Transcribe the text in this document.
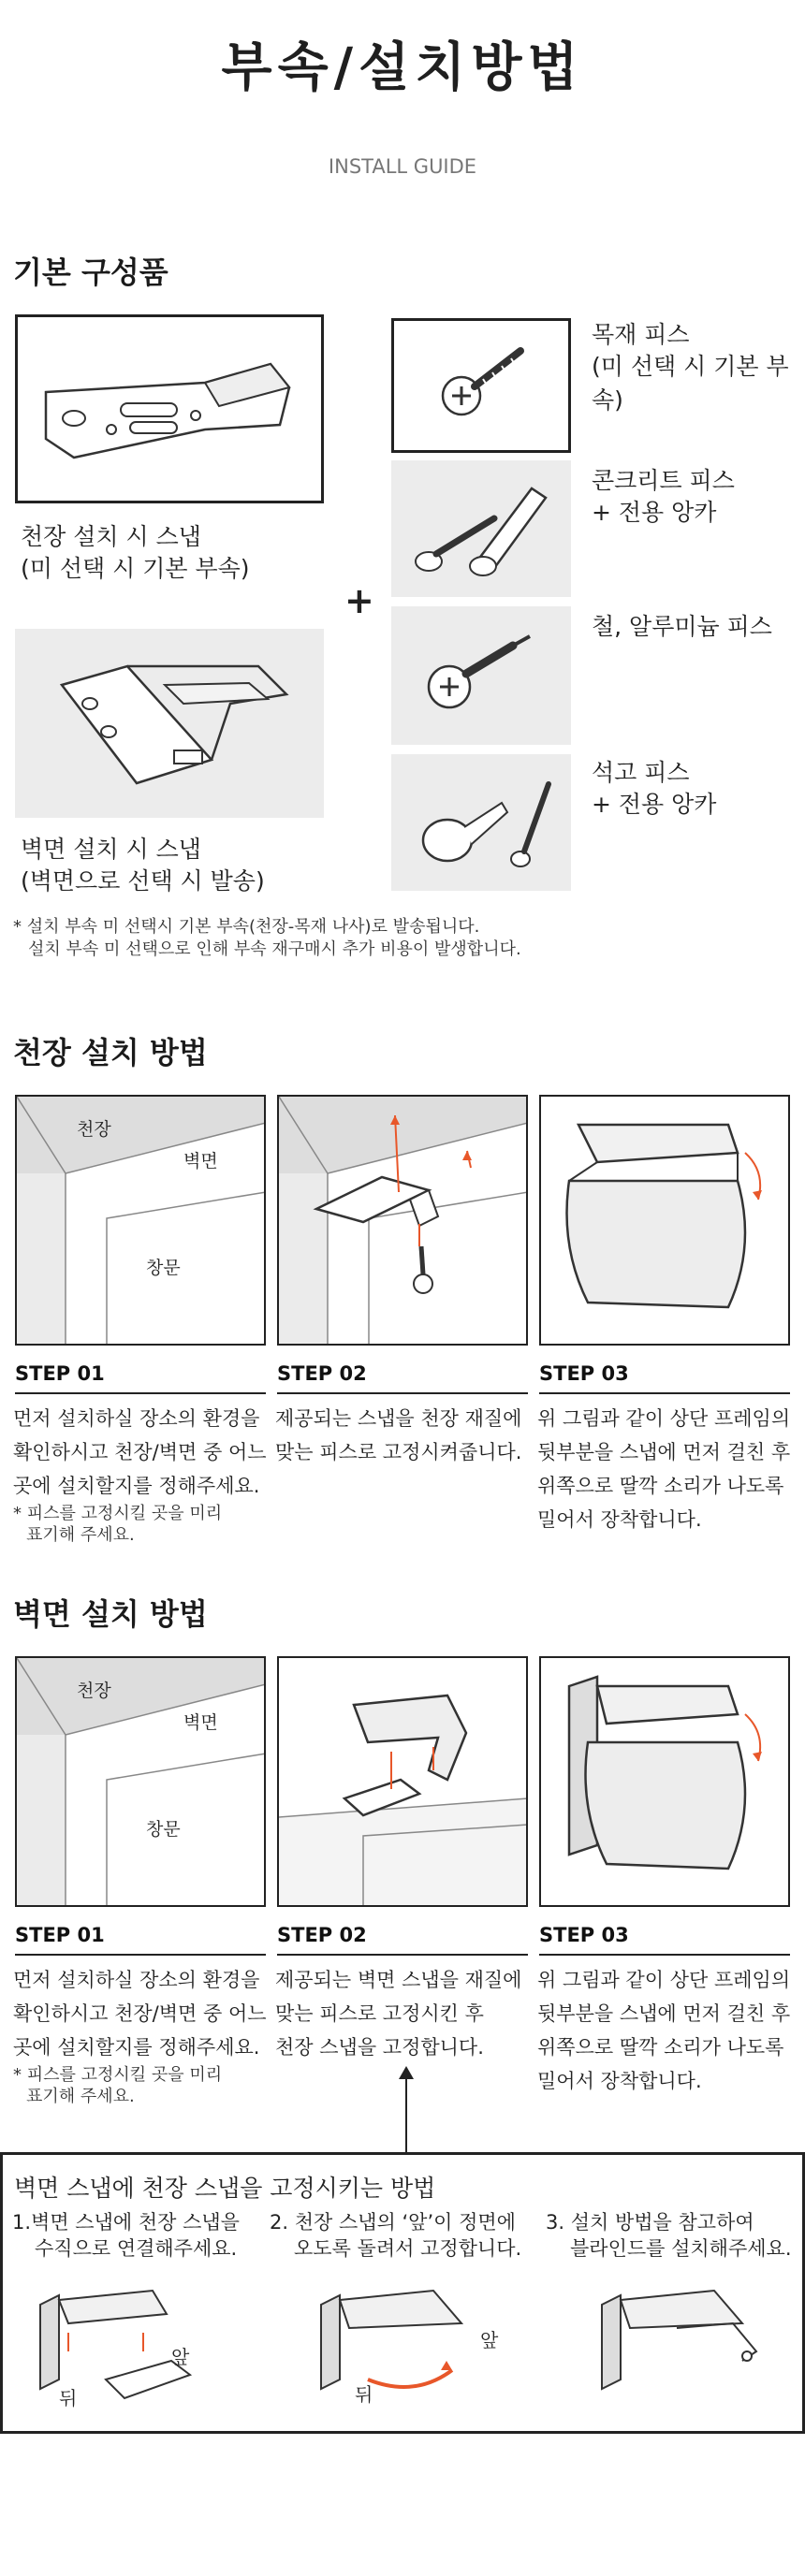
부속/설치방법
INSTALL GUIDE
기본 구성품
천장 설치 시 스냅
(미 선택 시 기본 부속)
벽면 설치 시 스냅
(벽면으로 선택 시 발송)
+
목재 피스
(미 선택 시 기본 부속)
콘크리트 피스
+ 전용 앙카
철, 알루미늄 피스
석고 피스
+ 전용 앙카
* 설치 부속 미 선택시 기본 부속(천장-목재 나사)로 발송됩니다.
설치 부속 미 선택으로 인해 부속 재구매시 추가 비용이 발생합니다.
천장 설치 방법
천장
벽면
창문
STEP 01	STEP 02	STEP 03
먼저 설치하실 장소의 환경을
확인하시고 천장/벽면 중 어느
곳에 설치할지를 정해주세요.
* 피스를 고정시킬 곳을 미리
표기해 주세요.
제공되는 스냅을 천장 재질에
맞는 피스로 고정시켜줍니다.
위 그림과 같이 상단 프레임의
뒷부분을 스냅에 먼저 걸친 후
위쪽으로 딸깍 소리가 나도록
밀어서 장착합니다.
벽면 설치 방법
천장
벽면
창문
STEP 01	STEP 02	STEP 03
먼저 설치하실 장소의 환경을
확인하시고 천장/벽면 중 어느
곳에 설치할지를 정해주세요.
* 피스를 고정시킬 곳을 미리
표기해 주세요.
제공되는 벽면 스냅을 재질에
맞는 피스로 고정시킨 후
천장 스냅을 고정합니다.
위 그림과 같이 상단 프레임의
뒷부분을 스냅에 먼저 걸친 후
위쪽으로 딸깍 소리가 나도록
밀어서 장착합니다.
벽면 스냅에 천장 스냅을 고정시키는 방법
1.벽면 스냅에 천장 스냅을
수직으로 연결해주세요.
2. 천장 스냅의 ‘앞’이 정면에
오도록 돌려서 고정합니다.
3. 설치 방법을 참고하여
블라인드를 설치해주세요.
앞
뒤
앞
뒤
